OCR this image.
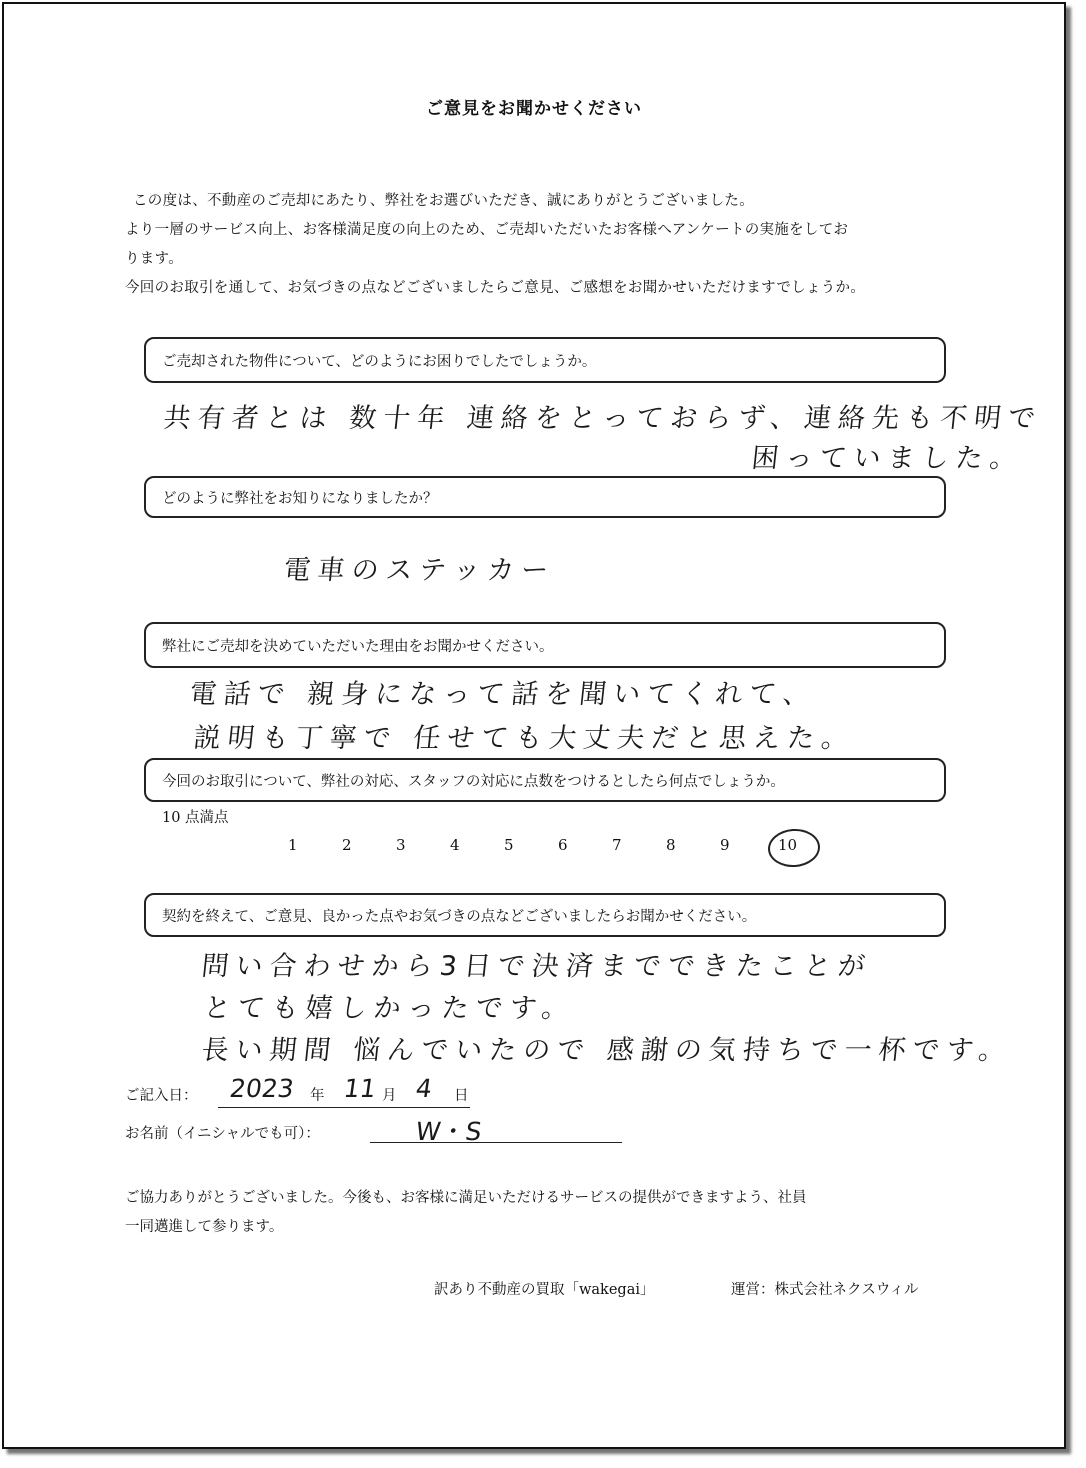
ご意見をお聞かせください
この度は、不動産のご売却にあたり、弊社をお選びいただき、誠にありがとうございました。
より一層のサービス向上、お客様満足度の向上のため、ご売却いただいたお客様へアンケートの実施をしてお
ります。
今回のお取引を通して、お気づきの点などございましたらご意見、ご感想をお聞かせいただけますでしょうか。
ご売却された物件について、どのようにお困りでしたでしょうか。
共有者とは 数十年 連絡をとっておらず、連絡先も不明で
困っていました。
どのように弊社をお知りになりましたか？
電車のステッカー
弊社にご売却を決めていただいた理由をお聞かせください。
電話で 親身になって話を聞いてくれて、
説明も丁寧で 任せても大丈夫だと思えた。
今回のお取引について、弊社の対応、スタッフの対応に点数をつけるとしたら何点でしょうか。
10 点満点
1	2	3	4	5	6	7	8	9	10
契約を終えて、ご意見、良かった点やお気づきの点などございましたらお聞かせください。
問い合わせから3日で決済までできたことが
とても嬉しかったです。
長い期間 悩んでいたので 感謝の気持ちで一杯です。
ご記入日： 2023 年 11 月 4 日
お名前（イニシャルでも可）：	W・S
ご協力ありがとうございました。今後も、お客様に満足いただけるサービスの提供ができますよう、社員
一同邁進して参ります。
訳あり不動産の買取「wakegai」	運営：株式会社ネクスウィル
